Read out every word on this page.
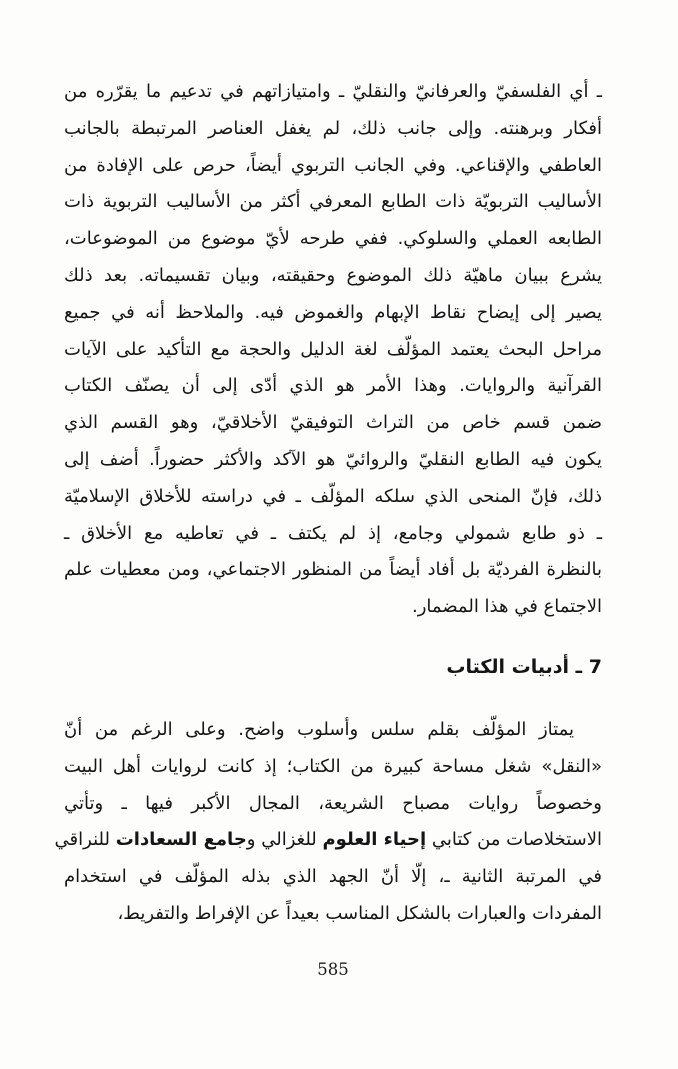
ـ أي الفلسفيّ والعرفانيّ والنقليّ ـ وامتيازاتهم في تدعيم ما يقرّره من
أفكار وبرهنته. وإلى جانب ذلك، لم يغفل العناصر المرتبطة بالجانب
العاطفي والإقناعي. وفي الجانب التربوي أيضاً، حرص على الإفادة من
الأساليب التربويّة ذات الطابع المعرفي أكثر من الأساليب التربوية ذات
الطابعه العملي والسلوكي. ففي طرحه لأيّ موضوع من الموضوعات،
يشرع ببيان ماهيّة ذلك الموضوع وحقيقته، وبيان تقسيماته. بعد ذلك
يصير إلى إيضاح نقاط الإبهام والغموض فيه. والملاحظ أنه في جميع
مراحل البحث يعتمد المؤلّف لغة الدليل والحجة مع التأكيد على الآيات
القرآنية والروايات. وهذا الأمر هو الذي أدّى إلى أن يصنّف الكتاب
ضمن قسم خاص من التراث التوفيقيّ الأخلاقيّ، وهو القسم الذي
يكون فيه الطابع النقليّ والروائيّ هو الآكد والأكثر حضوراً. أضف إلى
ذلك، فإنّ المنحى الذي سلكه المؤلّف ـ في دراسته للأخلاق الإسلاميّة
ـ ذو طابع شمولي وجامع، إذ لم يكتف ـ في تعاطيه مع الأخلاق ـ
بالنظرة الفرديّة بل أفاد أيضاً من المنظور الاجتماعي، ومن معطيات علم
الاجتماع في هذا المضمار.
7 ـ أدبيات الكتاب
يمتاز المؤلّف بقلم سلس وأسلوب واضح. وعلى الرغم من أنّ
«النقل» شغل مساحة كبيرة من الكتاب؛ إذ كانت لروايات أهل البيت
وخصوصاً روايات مصباح الشريعة، المجال الأكبر فيها ـ وتأتي
الاستخلاصات من كتابي إحياء العلوم للغزالي وجامع السعادات للنراقي
في المرتبة الثانية ـ، إلّا أنّ الجهد الذي بذله المؤلّف في استخدام
المفردات والعبارات بالشكل المناسب بعيداً عن الإفراط والتفريط،
585
